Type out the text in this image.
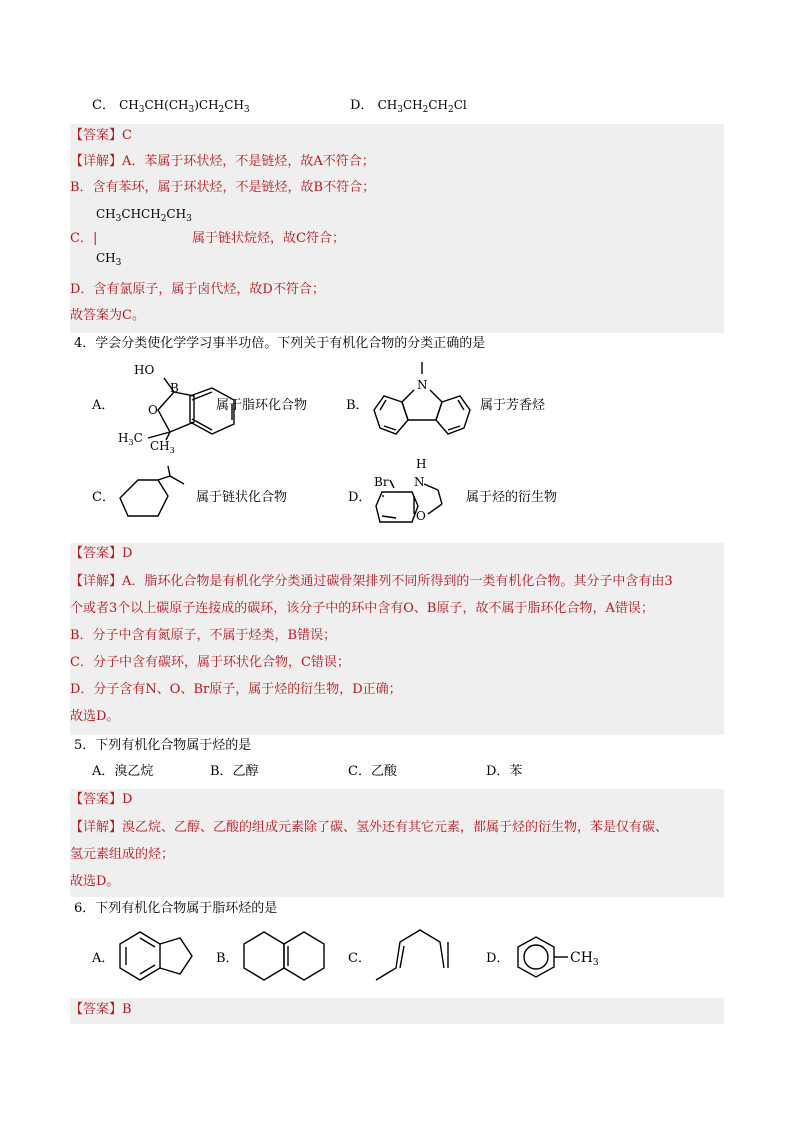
C． $CH_3CH(CH_3)CH_2CH_3$	D． $CH_3CH_2CH_2Cl$
【答案】C
【详解】A．苯属于环状烃，不是链烃，故A不符合；
B．含有苯环，属于环状烃，不是链烃，故B不符合；
$CH_3CHCH_2CH_3$
C．|	属于链状烷烃，故C符合；
$CH_3$
D．含有氯原子，属于卤代烃，故D不符合；
故答案为C。
4．学会分类使化学学习事半功倍。下列关于有机化合物的分类正确的是
A．
HO
B
O
$H_3C$
$CH_3$
属于脂环化合物	B．
N
属于芳香烃
C．	属于链状化合物	D．
Br
H
N
O
属于烃的衍生物
【答案】D
【详解】A．脂环化合物是有机化学分类通过碳骨架排列不同所得到的一类有机化合物。其分子中含有由3
个或者3个以上碳原子连接成的碳环，该分子中的环中含有O、B原子，故不属于脂环化合物，A错误；
B．分子中含有氮原子，不属于烃类，B错误；
C．分子中含有碳环，属于环状化合物，C错误；
D．分子含有N、O、Br原子，属于烃的衍生物，D正确；
故选D。
5．下列有机化合物属于烃的是
A．溴乙烷	B．乙醇	C．乙酸	D．苯
【答案】D
【详解】溴乙烷、乙醇、乙酸的组成元素除了碳、氢外还有其它元素，都属于烃的衍生物，苯是仅有碳、
氢元素组成的烃；
故选D。
6．下列有机化合物属于脂环烃的是
A．	B．	C．	D．	$CH_3$
【答案】B
